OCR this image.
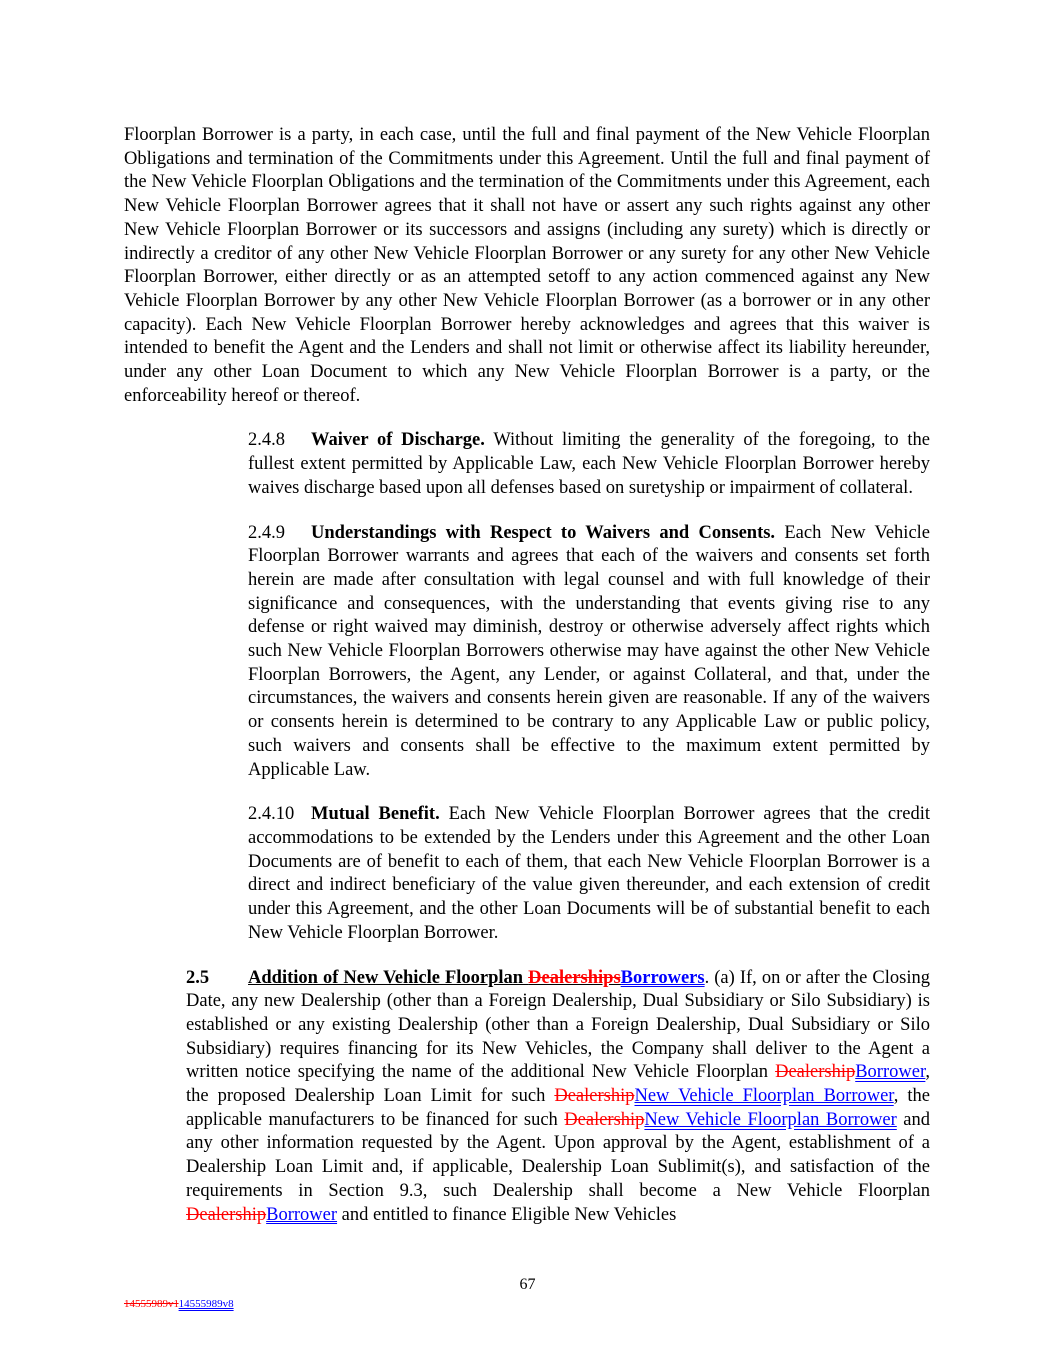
Floorplan Borrower is a party, in each case, until the full and final payment of the New Vehicle Floorplan Obligations and termination of the Commitments under this Agreement. Until the full and final payment of the New Vehicle Floorplan Obligations and the termination of the Commitments under this Agreement, each New Vehicle Floorplan Borrower agrees that it shall not have or assert any such rights against any other New Vehicle Floorplan Borrower or its successors and assigns (including any surety) which is directly or indirectly a creditor of any other New Vehicle Floorplan Borrower or any surety for any other New Vehicle Floorplan Borrower, either directly or as an attempted setoff to any action commenced against any New Vehicle Floorplan Borrower by any other New Vehicle Floorplan Borrower (as a borrower or in any other capacity). Each New Vehicle Floorplan Borrower hereby acknowledges and agrees that this waiver is intended to benefit the Agent and the Lenders and shall not limit or otherwise affect its liability hereunder, under any other Loan Document to which any New Vehicle Floorplan Borrower is a party, or the enforceability hereof or thereof.

2.4.8 Waiver of Discharge. Without limiting the generality of the foregoing, to the fullest extent permitted by Applicable Law, each New Vehicle Floorplan Borrower hereby waives discharge based upon all defenses based on suretyship or impairment of collateral.

2.4.9 Understandings with Respect to Waivers and Consents. Each New Vehicle Floorplan Borrower warrants and agrees that each of the waivers and consents set forth herein are made after consultation with legal counsel and with full knowledge of their significance and consequences, with the understanding that events giving rise to any defense or right waived may diminish, destroy or otherwise adversely affect rights which such New Vehicle Floorplan Borrowers otherwise may have against the other New Vehicle Floorplan Borrowers, the Agent, any Lender, or against Collateral, and that, under the circumstances, the waivers and consents herein given are reasonable. If any of the waivers or consents herein is determined to be contrary to any Applicable Law or public policy, such waivers and consents shall be effective to the maximum extent permitted by Applicable Law.

2.4.10 Mutual Benefit. Each New Vehicle Floorplan Borrower agrees that the credit accommodations to be extended by the Lenders under this Agreement and the other Loan Documents are of benefit to each of them, that each New Vehicle Floorplan Borrower is a direct and indirect beneficiary of the value given thereunder, and each extension of credit under this Agreement, and the other Loan Documents will be of substantial benefit to each New Vehicle Floorplan Borrower.

2.5 Addition of New Vehicle Floorplan DealershipsBorrowers. (a) If, on or after the Closing Date, any new Dealership (other than a Foreign Dealership, Dual Subsidiary or Silo Subsidiary) is established or any existing Dealership (other than a Foreign Dealership, Dual Subsidiary or Silo Subsidiary) requires financing for its New Vehicles, the Company shall deliver to the Agent a written notice specifying the name of the additional New Vehicle Floorplan DealershipBorrower, the proposed Dealership Loan Limit for such DealershipNew Vehicle Floorplan Borrower, the applicable manufacturers to be financed for such DealershipNew Vehicle Floorplan Borrower and any other information requested by the Agent. Upon approval by the Agent, establishment of a Dealership Loan Limit and, if applicable, Dealership Loan Sublimit(s), and satisfaction of the requirements in Section 9.3, such Dealership shall become a New Vehicle Floorplan DealershipBorrower and entitled to finance Eligible New Vehicles

67
14555989v114555989v8
